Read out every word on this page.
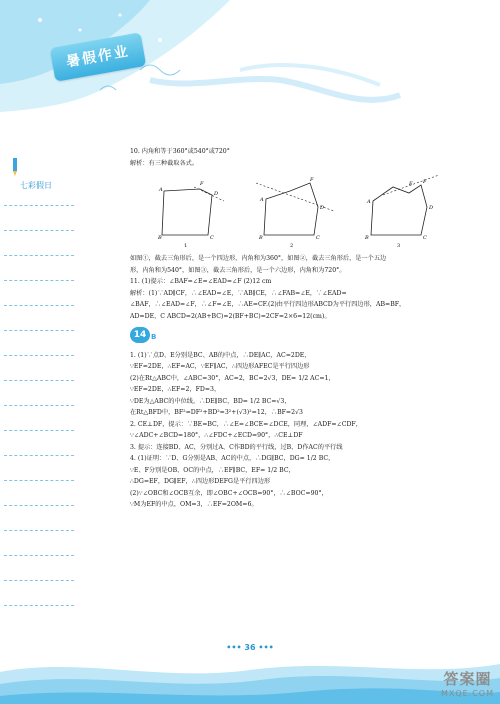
暑假作业
七彩假日

10. 内角和等于360°或540°或720°

解析：有三种截取各式。

F
A
D
B	C
1
F
A
D
B	C
2
E F
A
D
B	C
3

如图①，截去三角形后，是一个四边形，内角和为360°，如图②，截去三角形后，是一个五边

形，内角和为540°，如图③，截去三角形后，是一个六边形，内角和为720°。

11. (1)提示：∠BAF=∠E=∠EAD=∠F (2)12 cm

解析：(1)∵AD∥CF，∴∠EAD=∠E，∵AB∥CE，∴∠FAB=∠E，∵∠EAD=

∠BAF，∴∠EAD=∠F，∴∠F=∠E，∴AE=CF.(2)由平行四边形ABCD为平行四边形，AB=BF，

AD=DE，C ABCD=2(AB+BC)=2(BF+BC)=2CF=2×6=12(cm)。

14 B

1. (1)∵点D、E分别是BC、AB的中点，∴DE∥AC，AC=2DE，

∵EF=2DE，∴EF=AC，∵EF∥AC，∴四边形AFEC是平行四边形

(2)在Rt△ABC中，∠ABC=30°，AC=2，BC=2√3，DE= 1/2 AC=1，

∵EF=2DE，∴EF=2，FD=3，

∵DE为△ABC的中位线，∴DE∥BC，BD= 1/2 BC=√3，

在Rt△BFD中，BF²=DF²+BD²=3²+(√3)²=12，∴BF=2√3

2. CE⊥DF，提示：∵BE=BC，∴∠E=∠BCE=∠DCE，同理，∠ADF=∠CDF，

∵∠ADC+∠BCD=180°，∴∠FDC+∠ECD=90°，∴CE⊥DF

3. 提示：连接BD、AC，分别过A、C作BD的平行线，过B、D作AC的平行线

4. (1)证明：∵D、G分别是AB、AC的中点，∴DG∥BC，DG= 1/2 BC，

∵E、F分别是OB、OC的中点，∴EF∥BC，EF= 1/2 BC，

∴DG=EF，DG∥EF，∴四边形DEFG是平行四边形

(2)∵∠OBC和∠OCB互余，即∠OBC+∠OCB=90°，∴∠BOC=90°，

∵M为EF的中点，OM=3，∴EF=2OM=6。

••• 36 •••
答案圈
MXQE.COM
